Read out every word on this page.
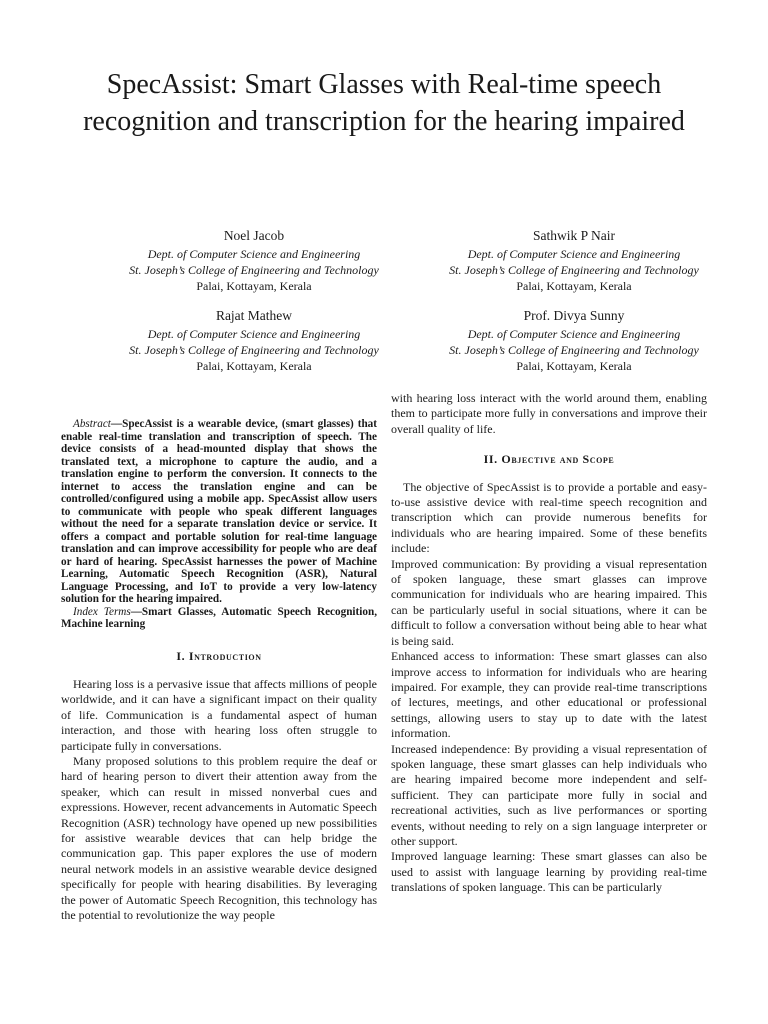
SpecAssist: Smart Glasses with Real-time speech recognition and transcription for the hearing impaired
Noel Jacob
Dept. of Computer Science and Engineering
St. Joseph’s College of Engineering and Technology
Palai, Kottayam, Kerala
Sathwik P Nair
Dept. of Computer Science and Engineering
St. Joseph’s College of Engineering and Technology
Palai, Kottayam, Kerala
Rajat Mathew
Dept. of Computer Science and Engineering
St. Joseph’s College of Engineering and Technology
Palai, Kottayam, Kerala
Prof. Divya Sunny
Dept. of Computer Science and Engineering
St. Joseph’s College of Engineering and Technology
Palai, Kottayam, Kerala

Abstract—SpecAssist is a wearable device, (smart glasses) that enable real-time translation and transcription of speech. The device consists of a head-mounted display that shows the translated text, a microphone to capture the audio, and a translation engine to perform the conversion. It connects to the internet to access the translation engine and can be controlled/configured using a mobile app. SpecAssist allow users to communicate with people who speak different languages without the need for a separate translation device or service. It offers a compact and portable solution for real-time language translation and can improve accessibility for people who are deaf or hard of hearing. SpecAssist harnesses the power of Machine Learning, Automatic Speech Recognition (ASR), Natural Language Processing, and IoT to provide a very low-latency solution for the hearing impaired.

Index Terms—Smart Glasses, Automatic Speech Recognition, Machine learning

I. Introduction

Hearing loss is a pervasive issue that affects millions of people worldwide, and it can have a significant impact on their quality of life. Communication is a fundamental aspect of human interaction, and those with hearing loss often struggle to participate fully in conversations.

Many proposed solutions to this problem require the deaf or hard of hearing person to divert their attention away from the speaker, which can result in missed nonverbal cues and expressions. However, recent advancements in Automatic Speech Recognition (ASR) technology have opened up new possibilities for assistive wearable devices that can help bridge the communication gap. This paper explores the use of modern neural network models in an assistive wearable device designed specifically for people with hearing disabilities. By leveraging the power of Automatic Speech Recognition, this technology has the potential to revolutionize the way people

with hearing loss interact with the world around them, enabling them to participate more fully in conversations and improve their overall quality of life.

II. Objective and Scope

The objective of SpecAssist is to provide a portable and easy-to-use assistive device with real-time speech recognition and transcription which can provide numerous benefits for individuals who are hearing impaired. Some of these benefits include:

Improved communication: By providing a visual representation of spoken language, these smart glasses can improve communication for individuals who are hearing impaired. This can be particularly useful in social situations, where it can be difficult to follow a conversation without being able to hear what is being said.

Enhanced access to information: These smart glasses can also improve access to information for individuals who are hearing impaired. For example, they can provide real-time transcriptions of lectures, meetings, and other educational or professional settings, allowing users to stay up to date with the latest information.

Increased independence: By providing a visual representation of spoken language, these smart glasses can help individuals who are hearing impaired become more independent and self-sufficient. They can participate more fully in social and recreational activities, such as live performances or sporting events, without needing to rely on a sign language interpreter or other support.

Improved language learning: These smart glasses can also be used to assist with language learning by providing real-time translations of spoken language. This can be particularly
